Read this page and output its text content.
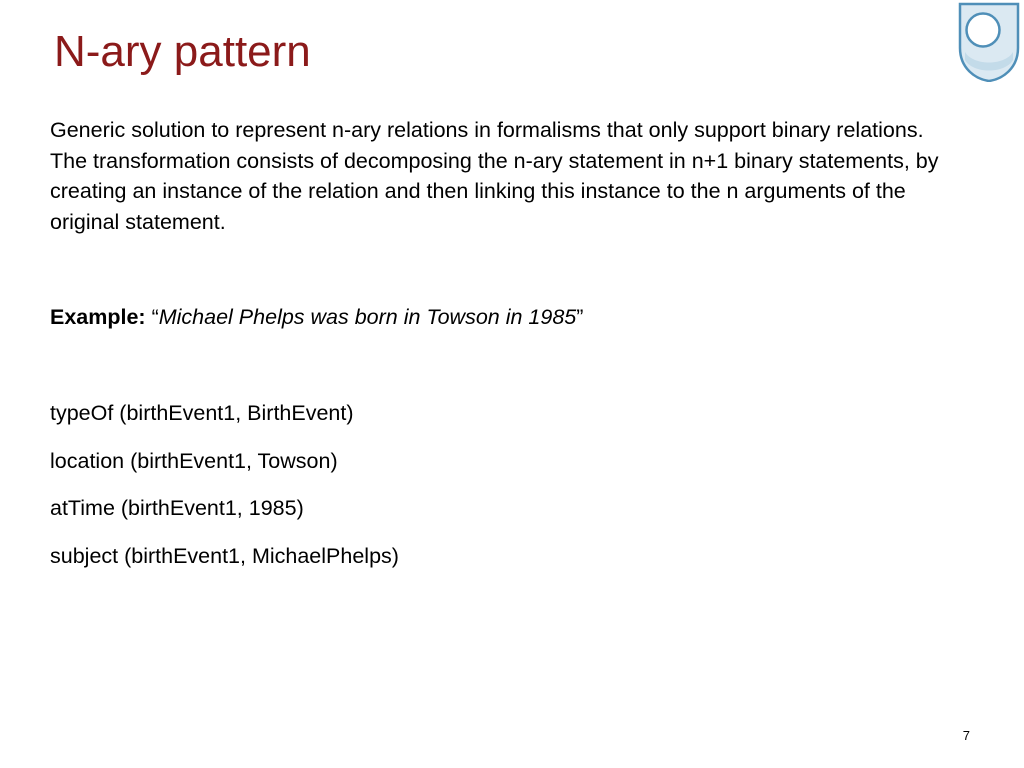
N-ary pattern
Generic solution to represent n-ary relations in formalisms that only support binary relations. The transformation consists of decomposing the n-ary statement in n+1 binary statements, by creating an instance of the relation and then linking this instance to the n arguments of the original statement.
Example: “Michael Phelps was born in Towson in 1985”
typeOf (birthEvent1, BirthEvent)
location (birthEvent1, Towson)
atTime (birthEvent1, 1985)
subject (birthEvent1, MichaelPhelps)
7
